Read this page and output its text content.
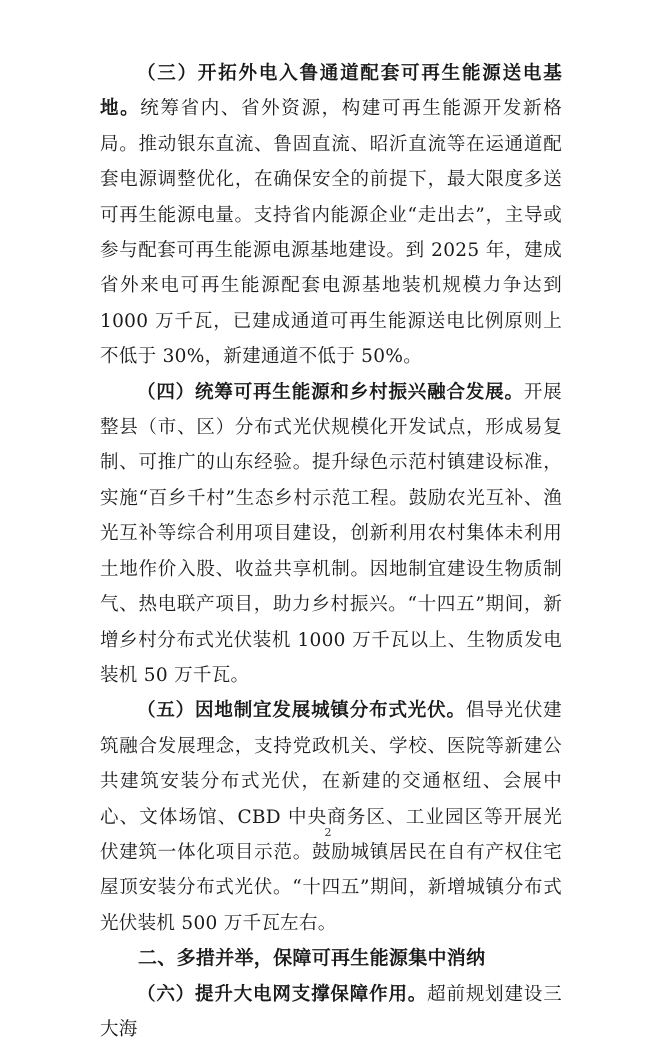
（三）开拓外电入鲁通道配套可再生能源送电基地。统筹省内、省外资源，构建可再生能源开发新格局。推动银东直流、鲁固直流、昭沂直流等在运通道配套电源调整优化，在确保安全的前提下，最大限度多送可再生能源电量。支持省内能源企业“走出去”，主导或参与配套可再生能源电源基地建设。到 2025 年，建成省外来电可再生能源配套电源基地装机规模力争达到 1000 万千瓦，已建成通道可再生能源送电比例原则上不低于 30%，新建通道不低于 50%。

（四）统筹可再生能源和乡村振兴融合发展。开展整县（市、区）分布式光伏规模化开发试点，形成易复制、可推广的山东经验。提升绿色示范村镇建设标准，实施“百乡千村”生态乡村示范工程。鼓励农光互补、渔光互补等综合利用项目建设，创新利用农村集体未利用土地作价入股、收益共享机制。因地制宜建设生物质制气、热电联产项目，助力乡村振兴。“十四五”期间，新增乡村分布式光伏装机 1000 万千瓦以上、生物质发电装机 50 万千瓦。

（五）因地制宜发展城镇分布式光伏。倡导光伏建筑融合发展理念，支持党政机关、学校、医院等新建公共建筑安装分布式光伏，在新建的交通枢纽、会展中心、文体场馆、CBD 中央商务区、工业园区等开展光伏建筑一体化项目示范。鼓励城镇居民在自有产权住宅屋顶安装分布式光伏。“十四五”期间，新增城镇分布式光伏装机 500 万千瓦左右。

二、多措并举，保障可再生能源集中消纳

（六）提升大电网支撑保障作用。超前规划建设三大海

2
